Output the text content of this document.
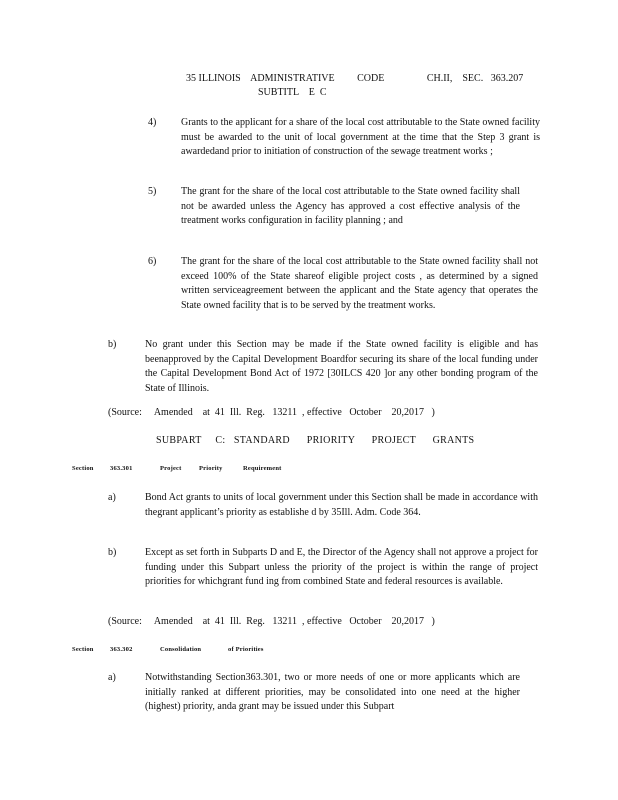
35 ILLINOIS    ADMINISTRATIVE         CODE                 CH.II,    SEC.   363.207
SUBTITL    E  C
4) Grants to the applicant for a share of the local cost attributable to the State owned facility must be awarded to the unit of local government at the time that the Step 3 grant is awardedand prior to initiation of construction of the sewage treatment works ;
5) The grant for the share of the local cost attributable to the State owned facility shall not be awarded unless the Agency has approved a cost effective analysis of the treatment works configuration in facility planning ; and
6) The grant for the share of the local cost attributable to the State owned facility shall not exceed 100% of the State shareof eligible project costs , as determined by a signed written serviceagreement between the applicant and the State agency that operates the State owned facility that is to be served by the treatment works.
b)	No grant under this Section may be made if the State owned facility is eligible and has beenapproved by the Capital Development Boardfor securing its share of the local funding under the Capital Development Bond Act of 1972 [30ILCS 420 ]or any other bonding program of the State of Illinois.
(Source:     Amended    at  41  Ill.  Reg.   13211  , effective   October    20,2017   )
SUBPART     C:   STANDARD      PRIORITY      PROJECT      GRANTS

Section

	363.301

	Project

	Priority

	Requirement

a)	Bond Act grants to units of local government under this Section shall be made in accordance with thegrant applicant’s priority as establishe d by 35Ill. Adm. Code 364.
b)	Except as set forth in Subparts D and E, the Director of the Agency shall not approve a project for funding under this Subpart unless the priority of the project is within the range of project priorities for whichgrant fund ing from combined State and federal resources is available.
(Source:     Amended    at  41  Ill.  Reg.   13211  , effective   October    20,2017   )

Section

	363.302

	Consolidation

	of Priorities

a)	Notwithstanding Section363.301, two or more needs of one or more applicants which are initially ranked at different priorities, may be consolidated into one need at the higher (highest) priority, anda grant may be issued under this Subpart
